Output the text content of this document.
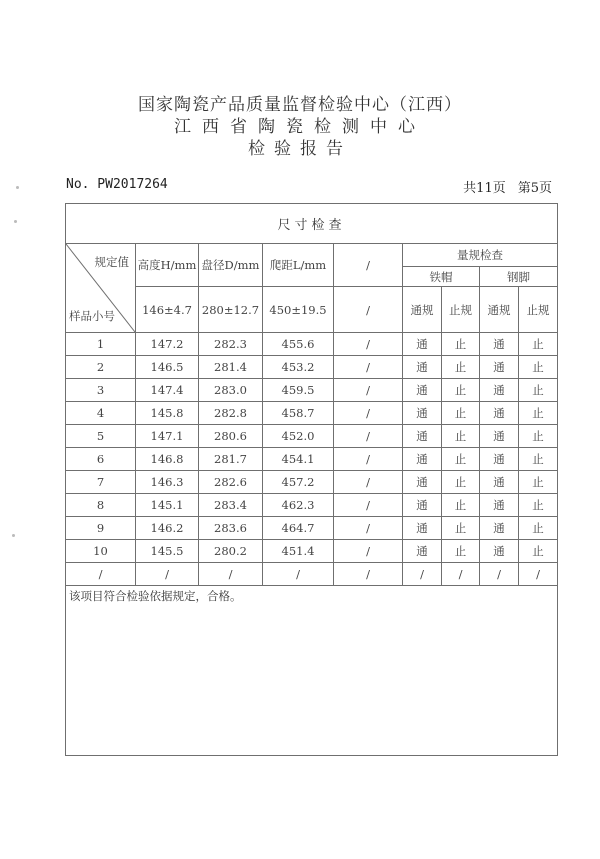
国家陶瓷产品质量监督检验中心（江西）
江西省陶瓷检测中心
检验报告
No. PW2017264	共11页 第5页
尺寸检查								

规定值
样品小号	高度H/mm	盘径D/mm	爬距L/mm	/	量规检查			
					铁帽		钢脚	
	146±4.7	280±12.7	450±19.5	/	通规	止规	通规	止规
1	147.2	282.3	455.6	/	通	止	通	止
2	146.5	281.4	453.2	/	通	止	通	止
3	147.4	283.0	459.5	/	通	止	通	止
4	145.8	282.8	458.7	/	通	止	通	止
5	147.1	280.6	452.0	/	通	止	通	止
6	146.8	281.7	454.1	/	通	止	通	止
7	146.3	282.6	457.2	/	通	止	通	止
8	145.1	283.4	462.3	/	通	止	通	止
9	146.2	283.6	464.7	/	通	止	通	止
10	145.5	280.2	451.4	/	通	止	通	止
/	/	/	/	/	/	/	/	/
该项目符合检验依据规定，合格。								
